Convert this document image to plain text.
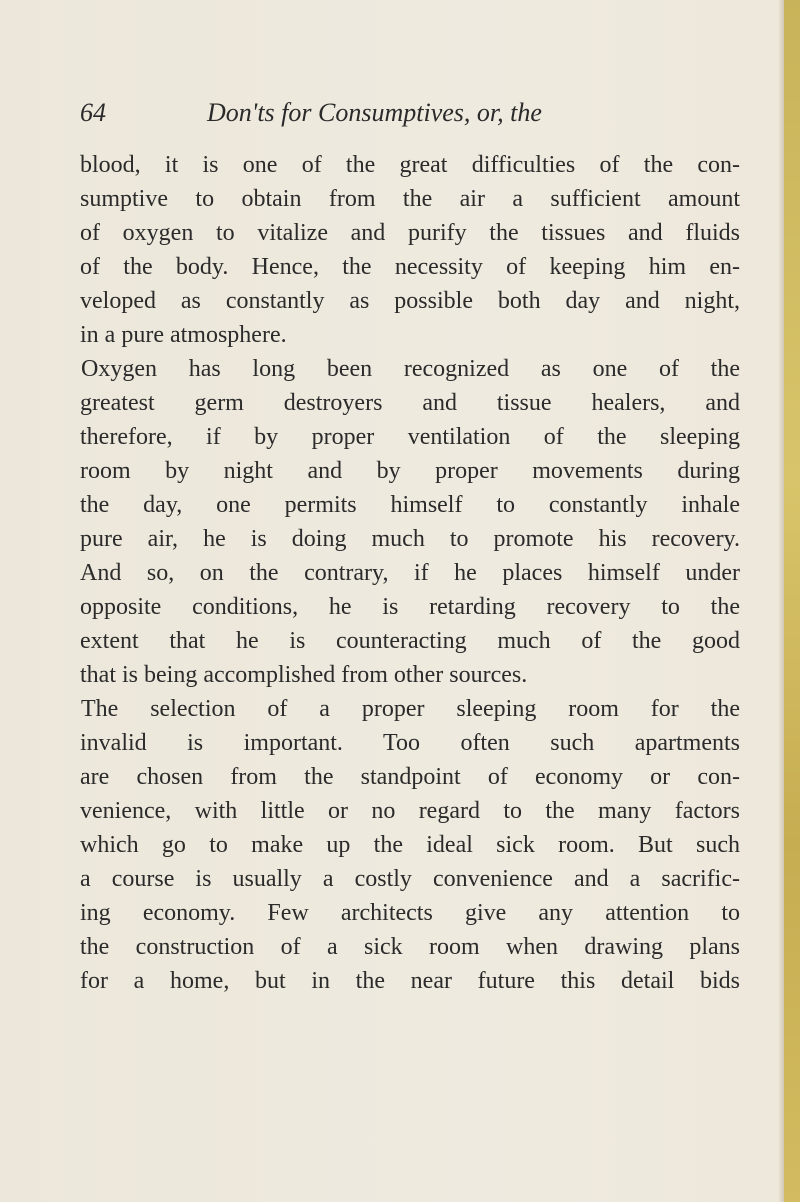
64	Don'ts for Consumptives, or, the
blood, it is one of the great difficulties of the con-
sumptive to obtain from the air a sufficient amount
of oxygen to vitalize and purify the tissues and fluids
of the body. Hence, the necessity of keeping him en-
veloped as constantly as possible both day and night,
in a pure atmosphere.
Oxygen has long been recognized as one of the
greatest germ destroyers and tissue healers, and
therefore, if by proper ventilation of the sleeping
room by night and by proper movements during
the day, one permits himself to constantly inhale
pure air, he is doing much to promote his recovery.
And so, on the contrary, if he places himself under
opposite conditions, he is retarding recovery to the
extent that he is counteracting much of the good
that is being accomplished from other sources.
The selection of a proper sleeping room for the
invalid is important. Too often such apartments
are chosen from the standpoint of economy or con-
venience, with little or no regard to the many factors
which go to make up the ideal sick room. But such
a course is usually a costly convenience and a sacrific-
ing economy. Few architects give any attention to
the construction of a sick room when drawing plans
for a home, but in the near future this detail bids
